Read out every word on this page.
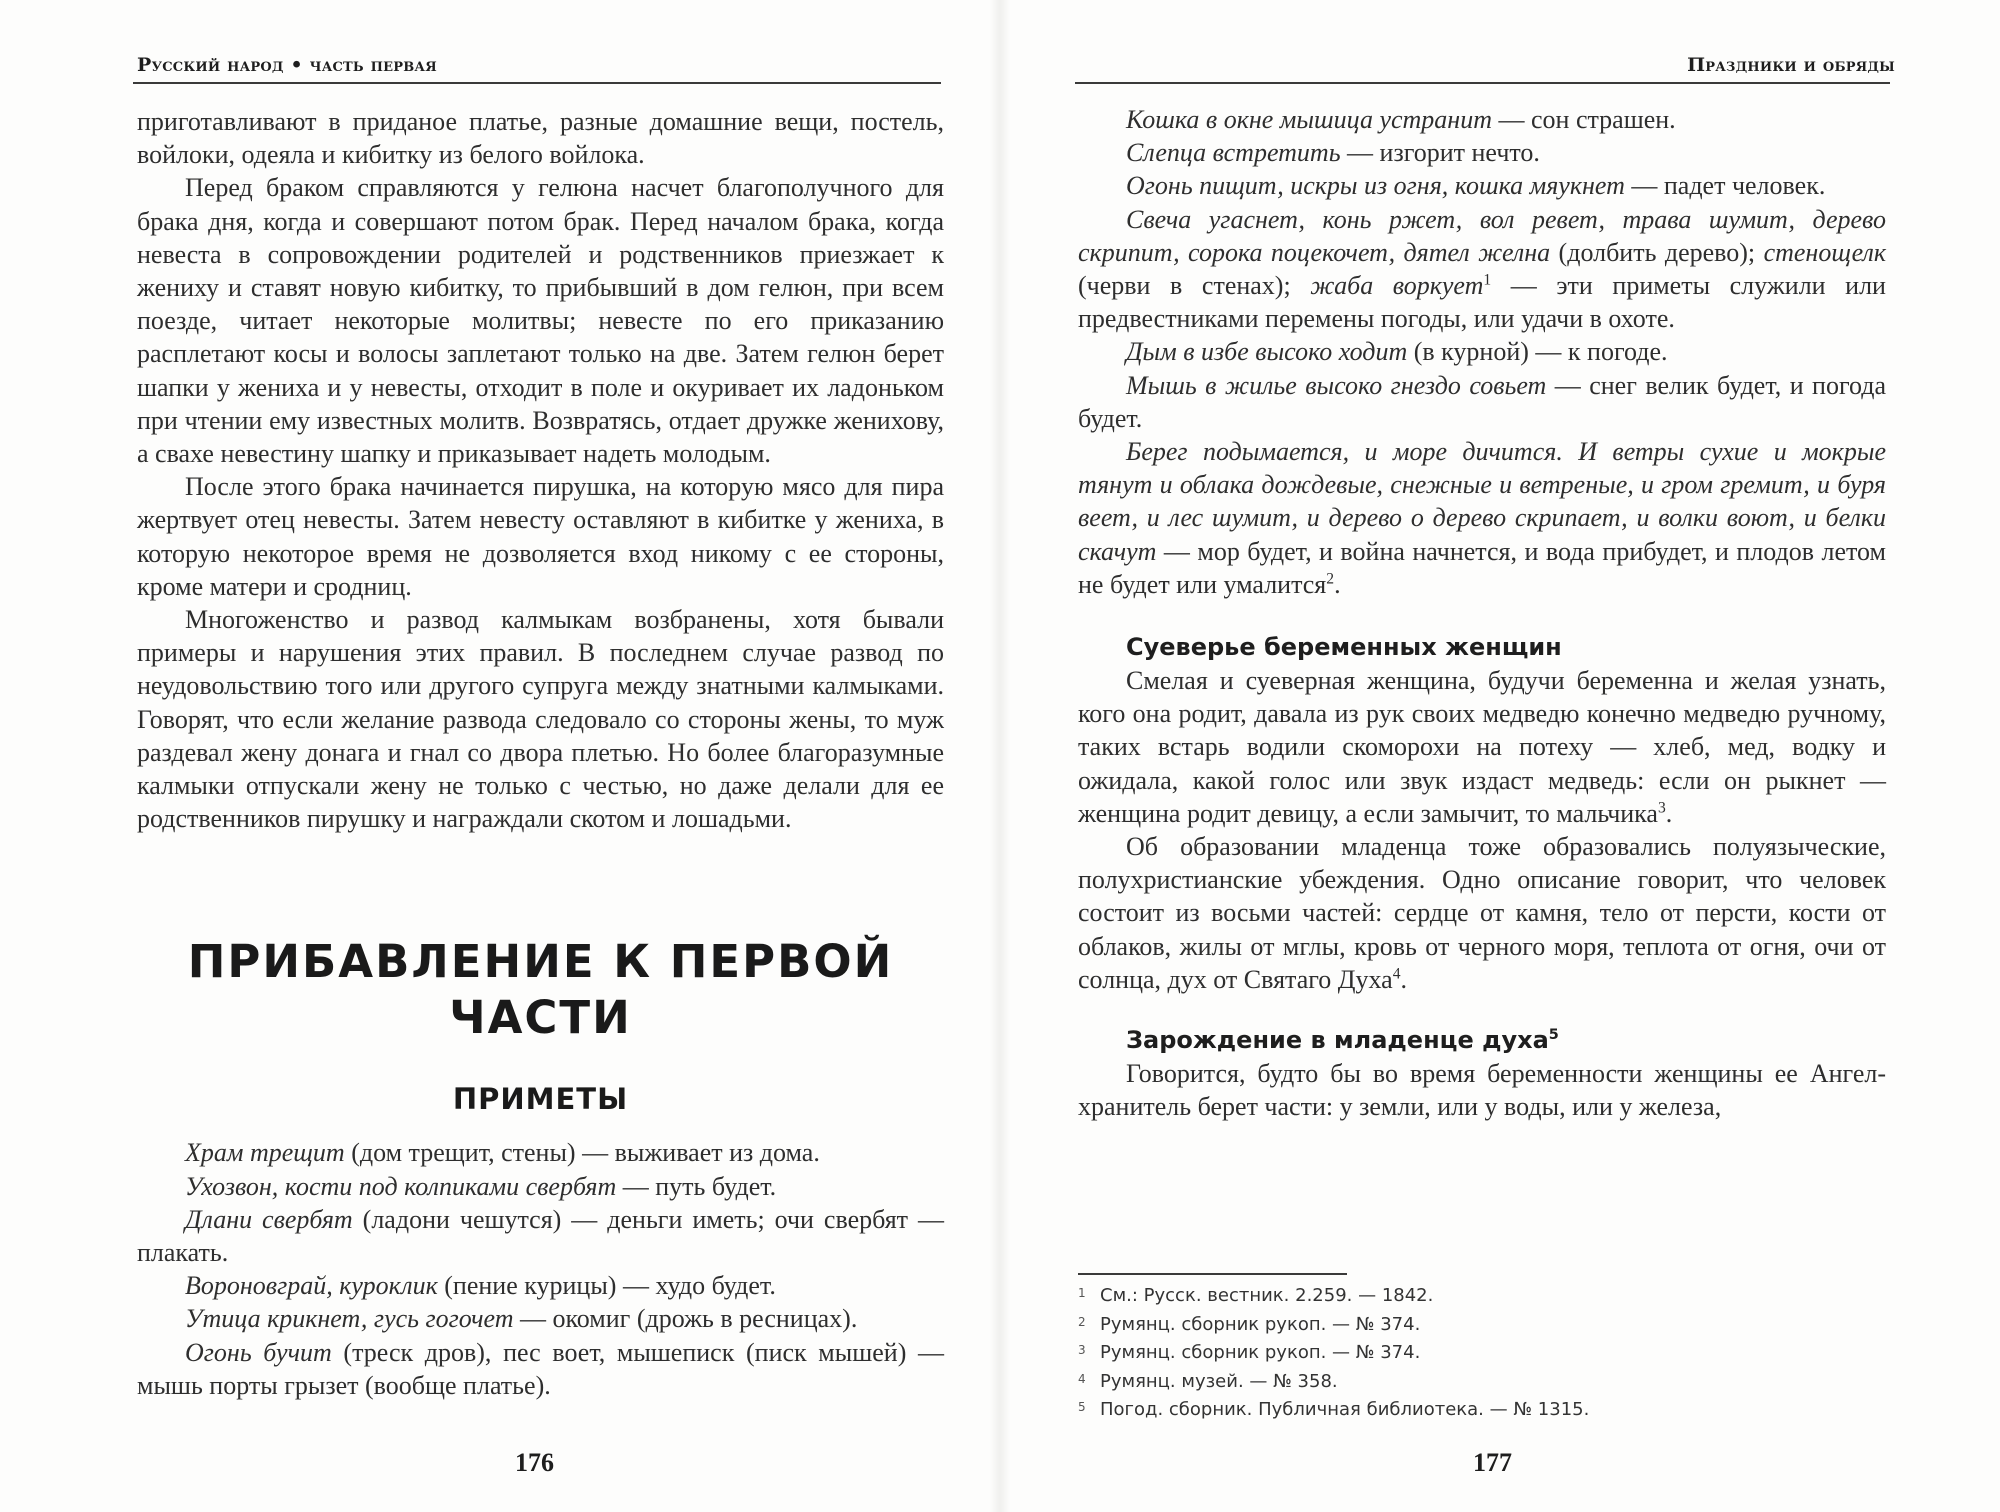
Русский народ • часть первая

приготавливают в приданое платье, разные домашние вещи, постель, войлоки, одеяла и кибитку из белого войлока.

Перед браком справляются у гелюна насчет благополучного для брака дня, когда и совершают потом брак. Перед началом брака, когда невеста в сопровождении родителей и родственников приезжает к жениху и ставят новую кибитку, то прибывший в дом гелюн, при всем поезде, читает некоторые молитвы; невесте по его приказанию расплетают косы и волосы заплетают только на две. Затем гелюн берет шапки у жениха и у невесты, отходит в поле и окуривает их ладоньком при чтении ему известных молитв. Возвратясь, отдает дружке женихову, а свахе невестину шапку и приказывает надеть молодым.

После этого брака начинается пирушка, на которую мясо для пира жертвует отец невесты. Затем невесту оставляют в кибитке у жениха, в которую некоторое время не дозволяется вход никому с ее стороны, кроме матери и сродниц.

Многоженство и развод калмыкам возбранены, хотя бывали примеры и нарушения этих правил. В последнем случае развод по неудовольствию того или другого супруга между знатными калмыками. Говорят, что если желание развода следовало со стороны жены, то муж раздевал жену донага и гнал со двора плетью. Но более благоразумные калмыки отпускали жену не только с честью, но даже делали для ее родственников пирушку и награждали скотом и лошадьми.

ПРИБАВЛЕНИЕ К ПЕРВОЙ ЧАСТИ
ПРИМЕТЫ

Храм трещит (дом трещит, стены) — выживает из дома.

Ухозвон, кости под колпиками свербят — путь будет.

Длани свербят (ладони чешутся) — деньги иметь; очи свербят — плакать.

Вороновграй, куроклик (пение курицы) — худо будет.

Утица крикнет, гусь гогочет — окомиг (дрожь в ресницах).

Огонь бучит (треск дров), пес воет, мышеписк (писк мышей) — мышь порты грызет (вообще платье).

176
Праздники и обряды

Кошка в окне мышица устранит — сон страшен.

Слепца встретить — изгорит нечто.

Огонь пищит, искры из огня, кошка мяукнет — падет человек.

Свеча угаснет, конь ржет, вол ревет, трава шумит, дерево скрипит, сорока поцекочет, дятел желна (долбить дерево); стенощелк (черви в стенах); жаба воркует$^1$ — эти приметы служили или предвестниками перемены погоды, или удачи в охоте.

Дым в избе высоко ходит (в курной) — к погоде.

Мышь в жилье высоко гнездо совьет — снег велик будет, и погода будет.

Берег подымается, и море дичится. И ветры сухие и мокрые тянут и облака дождевые, снежные и ветреные, и гром гремит, и буря веет, и лес шумит, и дерево о дерево скрипает, и волки воют, и белки скачут — мор будет, и война начнется, и вода прибудет, и плодов летом не будет или умалится$^2$.

Суеверье беременных женщин

Смелая и суеверная женщина, будучи беременна и желая узнать, кого она родит, давала из рук своих медведю конечно медведю ручному, таких встарь водили скоморохи на потеху — хлеб, мед, водку и ожидала, какой голос или звук издаст медведь: если он рыкнет — женщина родит девицу, а если замычит, то мальчика$^3$.

Об образовании младенца тоже образовались полуязыческие, полухристианские убеждения. Одно описание говорит, что человек состоит из восьми частей: сердце от камня, тело от персти, кости от облаков, жилы от мглы, кровь от черного моря, теплота от огня, очи от солнца, дух от Святаго Духа$^4$.

Зарождение в младенце духа$^5$

Говорится, будто бы во время беременности женщины ее Ангел-хранитель берет части: у земли, или у воды, или у железа,

1 См.: Русск. вестник. 2.259. — 1842.
2 Румянц. сборник рукоп. — № 374.
3 Румянц. сборник рукоп. — № 374.
4 Румянц. музей. — № 358.
5 Погод. сборник. Публичная библиотека. — № 1315.
177
